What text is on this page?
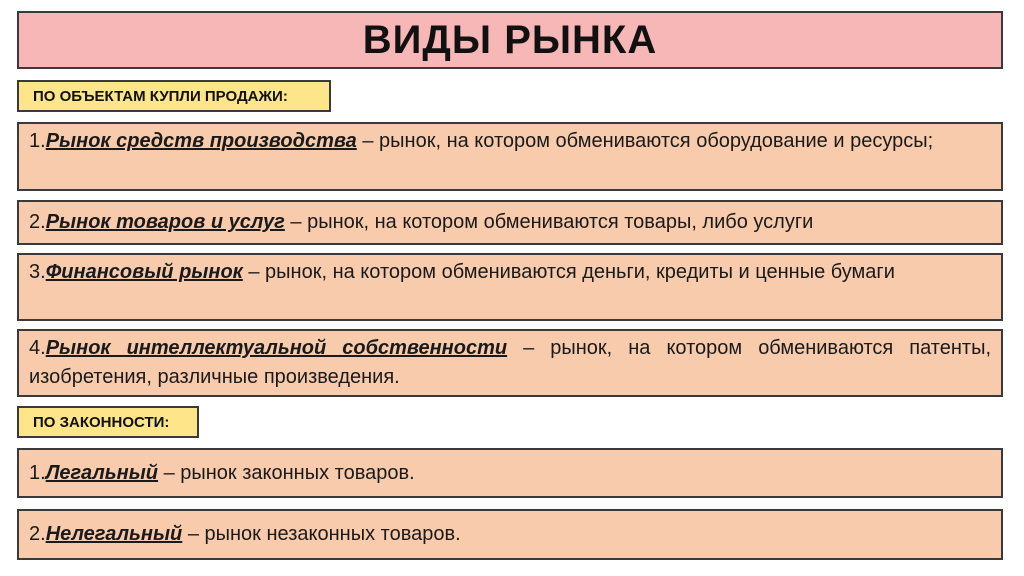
ВИДЫ РЫНКА
ПО ОБЪЕКТАМ КУПЛИ ПРОДАЖИ:
1.Рынок средств производства – рынок, на котором обмениваются оборудование и ресурсы;
2.Рынок товаров и услуг – рынок, на котором обмениваются товары, либо услуги
3.Финансовый рынок – рынок, на котором обмениваются деньги, кредиты и ценные бумаги
4.Рынок интеллектуальной собственности – рынок, на котором обмениваются патенты, изобретения, различные произведения.
ПО ЗАКОННОСТИ:
1.Легальный – рынок законных товаров.
2.Нелегальный – рынок незаконных товаров.
